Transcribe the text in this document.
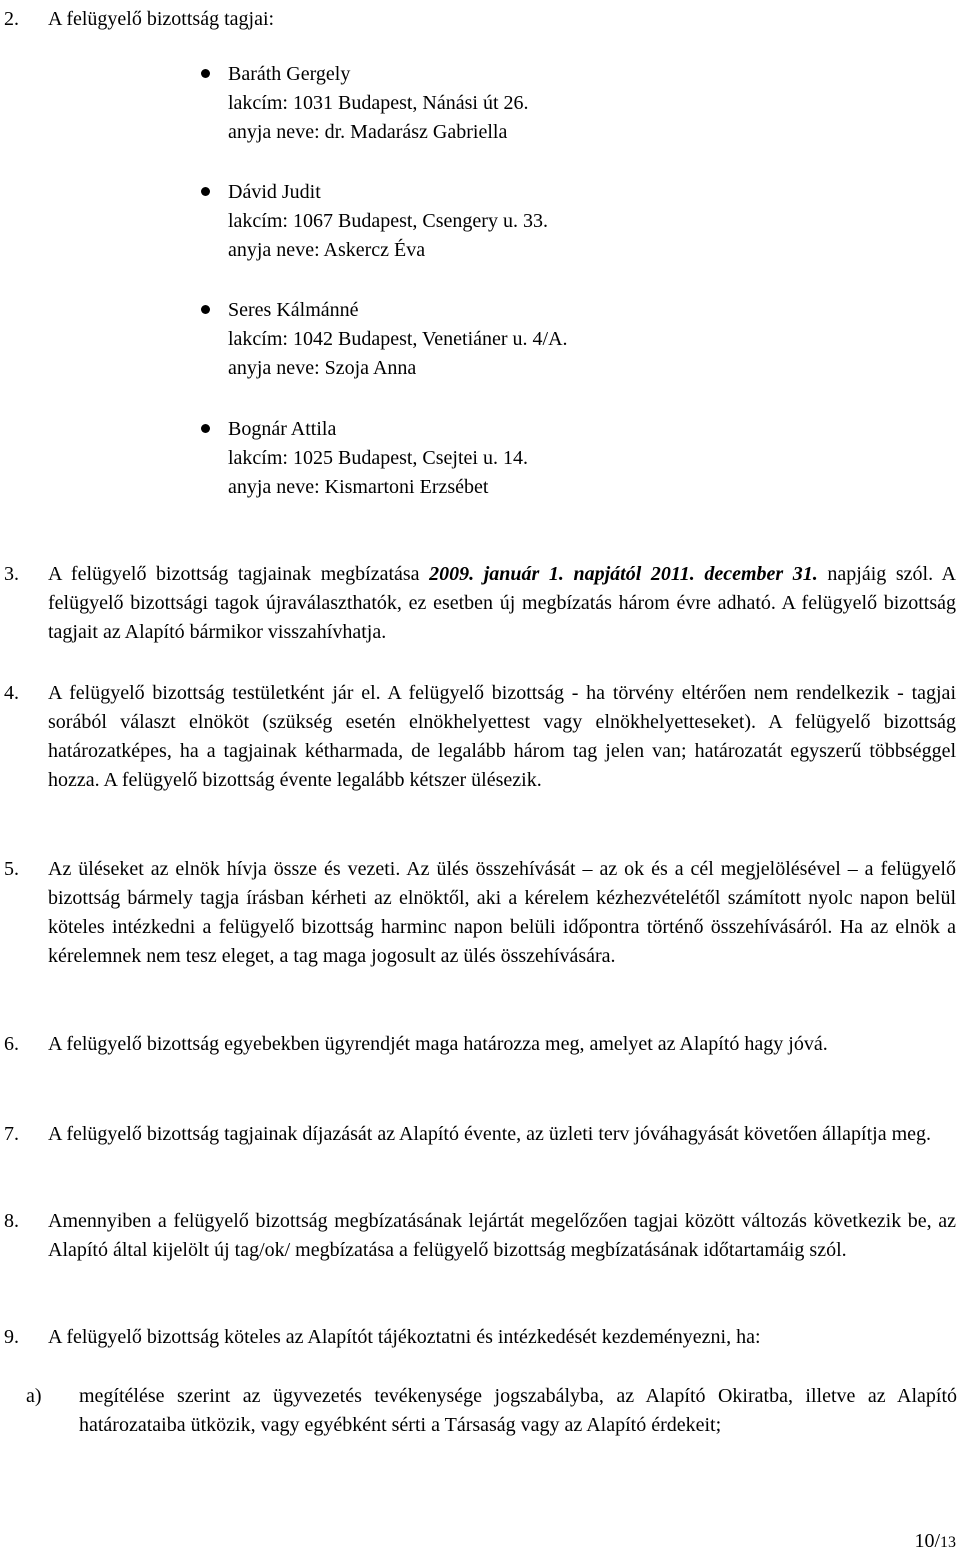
2. A felügyelő bizottság tagjai:
Baráth Gergely
lakcím: 1031 Budapest, Nánási út 26.
anyja neve: dr. Madarász Gabriella
Dávid Judit
lakcím: 1067 Budapest, Csengery u. 33.
anyja neve: Askercz Éva
Seres Kálmánné
lakcím: 1042 Budapest, Venetiáner u. 4/A.
anyja neve: Szoja Anna
Bognár Attila
lakcím: 1025 Budapest, Csejtei u. 14.
anyja neve: Kismartoni Erzsébet
3. A felügyelő bizottság tagjainak megbízatása 2009. január 1. napjától 2011. december 31. napjáig szól. A felügyelő bizottsági tagok újraválaszthatók, ez esetben új megbízatás három évre adható. A felügyelő bizottság tagjait az Alapító bármikor visszahívhatja.
4. A felügyelő bizottság testületként jár el. A felügyelő bizottság - ha törvény eltérően nem rendelkezik - tagjai sorából választ elnököt (szükség esetén elnökhelyettest vagy elnökhelyetteseket). A felügyelő bizottság határozatképes, ha a tagjainak kétharmada, de legalább három tag jelen van; határozatát egyszerű többséggel hozza. A felügyelő bizottság évente legalább kétszer ülésezik.
5. Az üléseket az elnök hívja össze és vezeti. Az ülés összehívását – az ok és a cél megjelölésével – a felügyelő bizottság bármely tagja írásban kérheti az elnöktől, aki a kérelem kézhezvételétől számított nyolc napon belül köteles intézkedni a felügyelő bizottság harminc napon belüli időpontra történő összehívásáról. Ha az elnök a kérelemnek nem tesz eleget, a tag maga jogosult az ülés összehívására.
6. A felügyelő bizottság egyebekben ügyrendjét maga határozza meg, amelyet az Alapító hagy jóvá.
7. A felügyelő bizottság tagjainak díjazását az Alapító évente, az üzleti terv jóváhagyását követően állapítja meg.
8. Amennyiben a felügyelő bizottság megbízatásának lejártát megelőzően tagjai között változás következik be, az Alapító által kijelölt új tag/ok/ megbízatása a felügyelő bizottság megbízatásának időtartamáig szól.
9. A felügyelő bizottság köteles az Alapítót tájékoztatni és intézkedését kezdeményezni, ha:
a) megítélése szerint az ügyvezetés tevékenysége jogszabályba, az Alapító Okiratba, illetve az Alapító határozataiba ütközik, vagy egyébként sérti a Társaság vagy az Alapító érdekeit;
10/13
